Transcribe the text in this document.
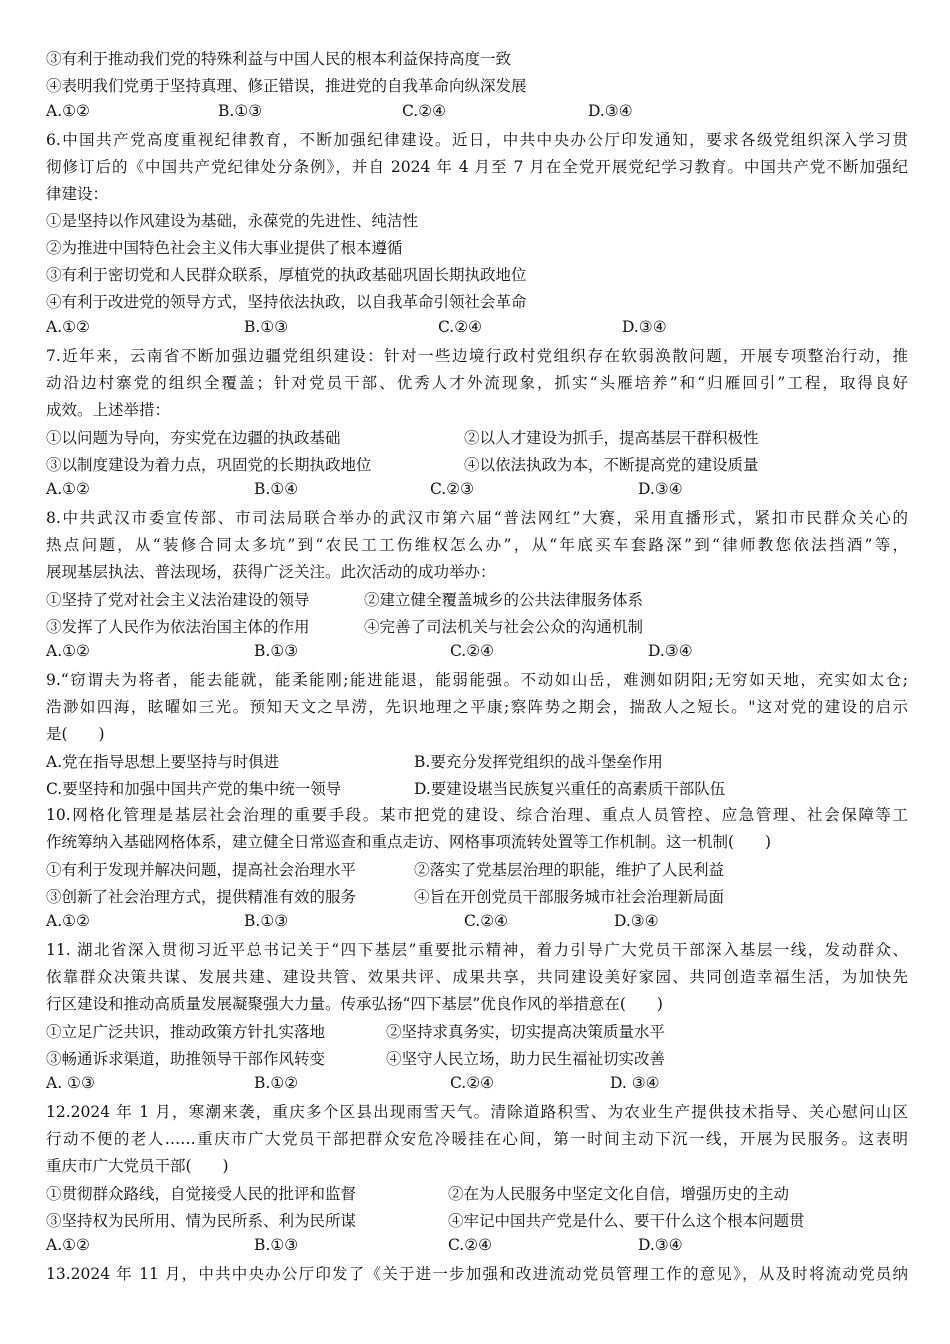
③有利于推动我们党的特殊利益与中国人民的根本利益保持高度一致
④表明我们党勇于坚持真理、修正错误，推进党的自我革命向纵深发展
A.①②	B.①③	C.②④	D.③④
6.中国共产党高度重视纪律教育，不断加强纪律建设。近日，中共中央办公厅印发通知，要求各级党组织深入学习贯
彻修订后的《中国共产党纪律处分条例》，并自 2024 年 4 月至 7 月在全党开展党纪学习教育。中国共产党不断加强纪
律建设：
①是坚持以作风建设为基础，永葆党的先进性、纯洁性
②为推进中国特色社会主义伟大事业提供了根本遵循
③有利于密切党和人民群众联系，厚植党的执政基础巩固长期执政地位
④有利于改进党的领导方式，坚持依法执政，以自我革命引领社会革命
A.①②	B.①③	C.②④	D.③④
7.近年来，云南省不断加强边疆党组织建设：针对一些边境行政村党组织存在软弱涣散问题，开展专项整治行动，推
动沿边村寨党的组织全覆盖；针对党员干部、优秀人才外流现象，抓实“头雁培养”和“归雁回引”工程，取得良好
成效。上述举措：
①以问题为导向，夯实党在边疆的执政基础	②以人才建设为抓手，提高基层干群积极性
③以制度建设为着力点，巩固党的长期执政地位	④以依法执政为本，不断提高党的建设质量
A.①②	B.①④	C.②③	D.③④
8.中共武汉市委宣传部、市司法局联合举办的武汉市第六届“普法网红”大赛，采用直播形式，紧扣市民群众关心的
热点问题，从“装修合同太多坑”到“农民工工伤维权怎么办”，从“年底买车套路深”到“律师教您依法挡酒”等，
展现基层执法、普法现场，获得广泛关注。此次活动的成功举办：
①坚持了党对社会主义法治建设的领导	②建立健全覆盖城乡的公共法律服务体系
③发挥了人民作为依法治国主体的作用	④完善了司法机关与社会公众的沟通机制
A.①②	B.①③	C.②④	D.③④
9.“窃谓夫为将者，能去能就，能柔能刚;能进能退，能弱能强。不动如山岳，难测如阴阳;无穷如天地，充实如太仓;
浩渺如四海，眩曜如三光。预知天文之旱涝，先识地理之平康;察阵势之期会，揣敌人之短长。"这对党的建设的启示
是(　　)
A.党在指导思想上要坚持与时俱进	B.要充分发挥党组织的战斗堡垒作用
C.要坚持和加强中国共产党的集中统一领导	D.要建设堪当民族复兴重任的高素质干部队伍
10.网格化管理是基层社会治理的重要手段。某市把党的建设、综合治理、重点人员管控、应急管理、社会保障等工
作统筹纳入基础网格体系，建立健全日常巡查和重点走访、网格事项流转处置等工作机制。这一机制(　　)
①有利于发现并解决问题，提高社会治理水平	②落实了党基层治理的职能，维护了人民利益
③创新了社会治理方式，提供精准有效的服务	④旨在开创党员干部服务城市社会治理新局面
A.①②	B.①③	C.②④	D.③④
11. 湖北省深入贯彻习近平总书记关于“四下基层”重要批示精神，着力引导广大党员干部深入基层一线，发动群众、
依靠群众决策共谋、发展共建、建设共管、效果共评、成果共享，共同建设美好家园、共同创造幸福生活，为加快先
行区建设和推动高质量发展凝聚强大力量。传承弘扬“四下基层”优良作风的举措意在(　　)
①立足广泛共识，推动政策方针扎实落地	②坚持求真务实，切实提高决策质量水平
③畅通诉求渠道，助推领导干部作风转变	④坚守人民立场，助力民生福祉切实改善
A. ①③	B.①②	C.②④	D. ③④
12.2024 年 1 月，寒潮来袭，重庆多个区县出现雨雪天气。清除道路积雪、为农业生产提供技术指导、关心慰问山区
行动不便的老人……重庆市广大党员干部把群众安危冷暖挂在心间，第一时间主动下沉一线，开展为民服务。这表明
重庆市广大党员干部(　　)
①贯彻群众路线，自觉接受人民的批评和监督	②在为人民服务中坚定文化自信，增强历史的主动
③坚持权为民所用、情为民所系、利为民所谋	④牢记中国共产党是什么、要干什么这个根本问题贯
A.①②	B.①③	C.②④	D.③④
13.2024 年 11 月，中共中央办公厅印发了《关于进一步加强和改进流动党员管理工作的意见》，从及时将流动党员纳
